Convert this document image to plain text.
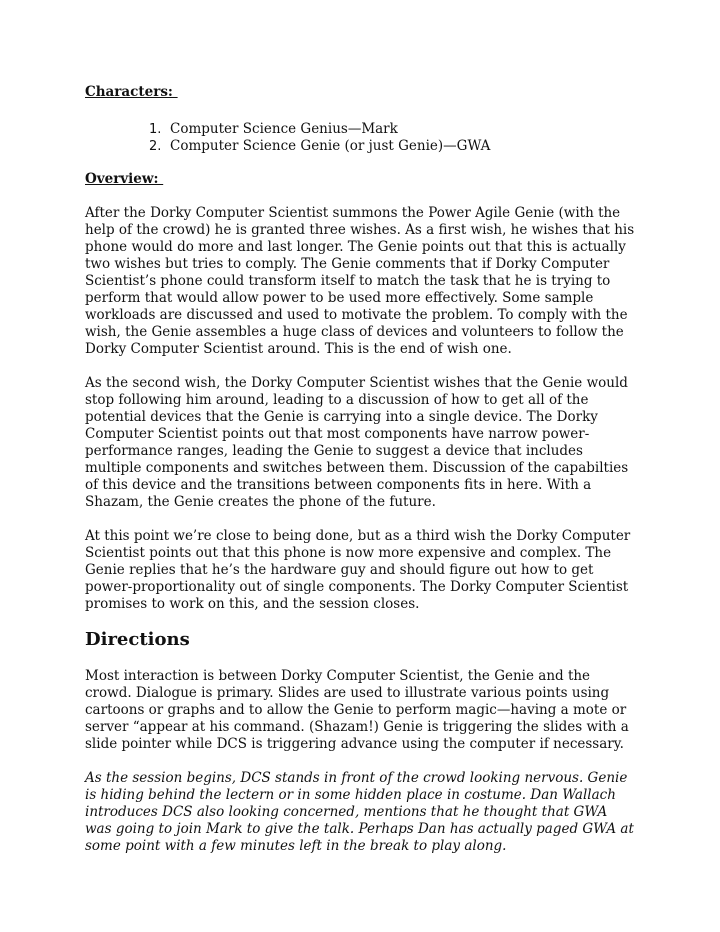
Characters:
1. Computer Science Genius—Mark
2. Computer Science Genie (or just Genie)—GWA
Overview:

After the Dorky Computer Scientist summons the Power Agile Genie (with the help of the crowd) he is granted three wishes. As a first wish, he wishes that his phone would do more and last longer. The Genie points out that this is actually two wishes but tries to comply. The Genie comments that if Dorky Computer Scientist’s phone could transform itself to match the task that he is trying to perform that would allow power to be used more effectively. Some sample workloads are discussed and used to motivate the problem. To comply with the wish, the Genie assembles a huge class of devices and volunteers to follow the Dorky Computer Scientist around. This is the end of wish one.

As the second wish, the Dorky Computer Scientist wishes that the Genie would stop following him around, leading to a discussion of how to get all of the potential devices that the Genie is carrying into a single device. The Dorky Computer Scientist points out that most components have narrow power-performance ranges, leading the Genie to suggest a device that includes multiple components and switches between them. Discussion of the capabilties of this device and the transitions between components fits in here. With a Shazam, the Genie creates the phone of the future.

At this point we’re close to being done, but as a third wish the Dorky Computer Scientist points out that this phone is now more expensive and complex. The Genie replies that he’s the hardware guy and should figure out how to get power-proportionality out of single components. The Dorky Computer Scientist promises to work on this, and the session closes.

Directions

Most interaction is between Dorky Computer Scientist, the Genie and the crowd. Dialogue is primary. Slides are used to illustrate various points using cartoons or graphs and to allow the Genie to perform magic—having a mote or server “appear at his command. (Shazam!) Genie is triggering the slides with a slide pointer while DCS is triggering advance using the computer if necessary.

As the session begins, DCS stands in front of the crowd looking nervous. Genie is hiding behind the lectern or in some hidden place in costume. Dan Wallach introduces DCS also looking concerned, mentions that he thought that GWA was going to join Mark to give the talk. Perhaps Dan has actually paged GWA at some point with a few minutes left in the break to play along.
